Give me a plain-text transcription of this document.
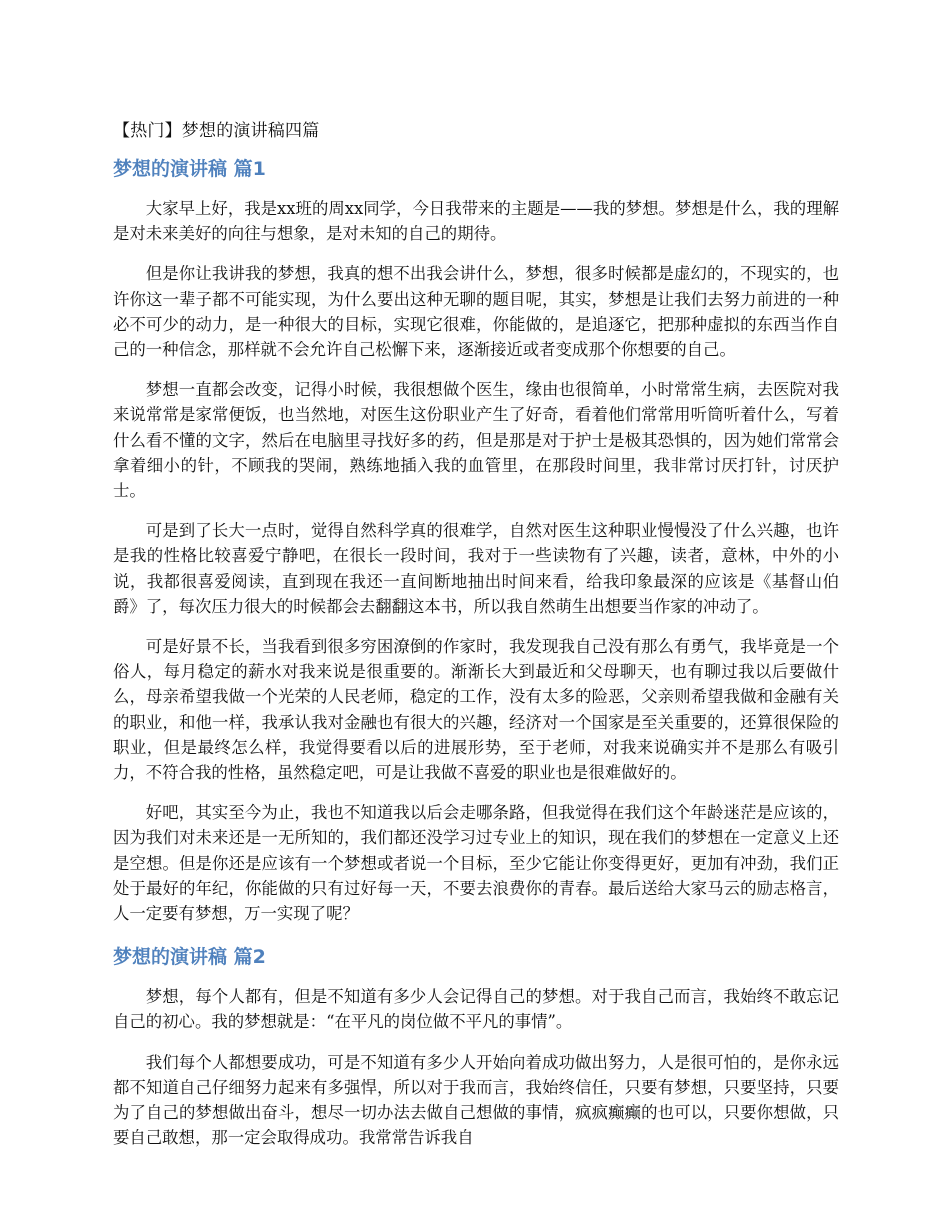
【热门】梦想的演讲稿四篇
梦想的演讲稿 篇1

大家早上好，我是xx班的周xx同学，今日我带来的主题是——我的梦想。梦想是什么，我的理解是对未来美好的向往与想象，是对未知的自己的期待。

但是你让我讲我的梦想，我真的想不出我会讲什么，梦想，很多时候都是虚幻的，不现实的，也许你这一辈子都不可能实现，为什么要出这种无聊的题目呢，其实，梦想是让我们去努力前进的一种必不可少的动力，是一种很大的目标，实现它很难，你能做的，是追逐它，把那种虚拟的东西当作自己的一种信念，那样就不会允许自己松懈下来，逐渐接近或者变成那个你想要的自己。

梦想一直都会改变，记得小时候，我很想做个医生，缘由也很简单，小时常常生病，去医院对我来说常常是家常便饭，也当然地，对医生这份职业产生了好奇，看着他们常常用听筒听着什么，写着什么看不懂的文字，然后在电脑里寻找好多的药，但是那是对于护士是极其恐惧的，因为她们常常会拿着细小的针，不顾我的哭闹，熟练地插入我的血管里，在那段时间里，我非常讨厌打针，讨厌护士。

可是到了长大一点时，觉得自然科学真的很难学，自然对医生这种职业慢慢没了什么兴趣，也许是我的性格比较喜爱宁静吧，在很长一段时间，我对于一些读物有了兴趣，读者，意林，中外的小说，我都很喜爱阅读，直到现在我还一直间断地抽出时间来看，给我印象最深的应该是《基督山伯爵》了，每次压力很大的时候都会去翻翻这本书，所以我自然萌生出想要当作家的冲动了。

可是好景不长，当我看到很多穷困潦倒的作家时，我发现我自己没有那么有勇气，我毕竟是一个俗人，每月稳定的薪水对我来说是很重要的。渐渐长大到最近和父母聊天，也有聊过我以后要做什么，母亲希望我做一个光荣的人民老师，稳定的工作，没有太多的险恶，父亲则希望我做和金融有关的职业，和他一样，我承认我对金融也有很大的兴趣，经济对一个国家是至关重要的，还算很保险的职业，但是最终怎么样，我觉得要看以后的进展形势，至于老师，对我来说确实并不是那么有吸引力，不符合我的性格，虽然稳定吧，可是让我做不喜爱的职业也是很难做好的。

好吧，其实至今为止，我也不知道我以后会走哪条路，但我觉得在我们这个年龄迷茫是应该的，因为我们对未来还是一无所知的，我们都还没学习过专业上的知识，现在我们的梦想在一定意义上还是空想。但是你还是应该有一个梦想或者说一个目标，至少它能让你变得更好，更加有冲劲，我们正处于最好的年纪，你能做的只有过好每一天，不要去浪费你的青春。最后送给大家马云的励志格言，人一定要有梦想，万一实现了呢？

梦想的演讲稿 篇2

梦想，每个人都有，但是不知道有多少人会记得自己的梦想。对于我自己而言，我始终不敢忘记自己的初心。我的梦想就是：“在平凡的岗位做不平凡的事情”。

我们每个人都想要成功，可是不知道有多少人开始向着成功做出努力，人是很可怕的，是你永远都不知道自己仔细努力起来有多强悍，所以对于我而言，我始终信任，只要有梦想，只要坚持，只要为了自己的梦想做出奋斗，想尽一切办法去做自己想做的事情，疯疯癫癫的也可以，只要你想做，只要自己敢想，那一定会取得成功。我常常告诉我自
